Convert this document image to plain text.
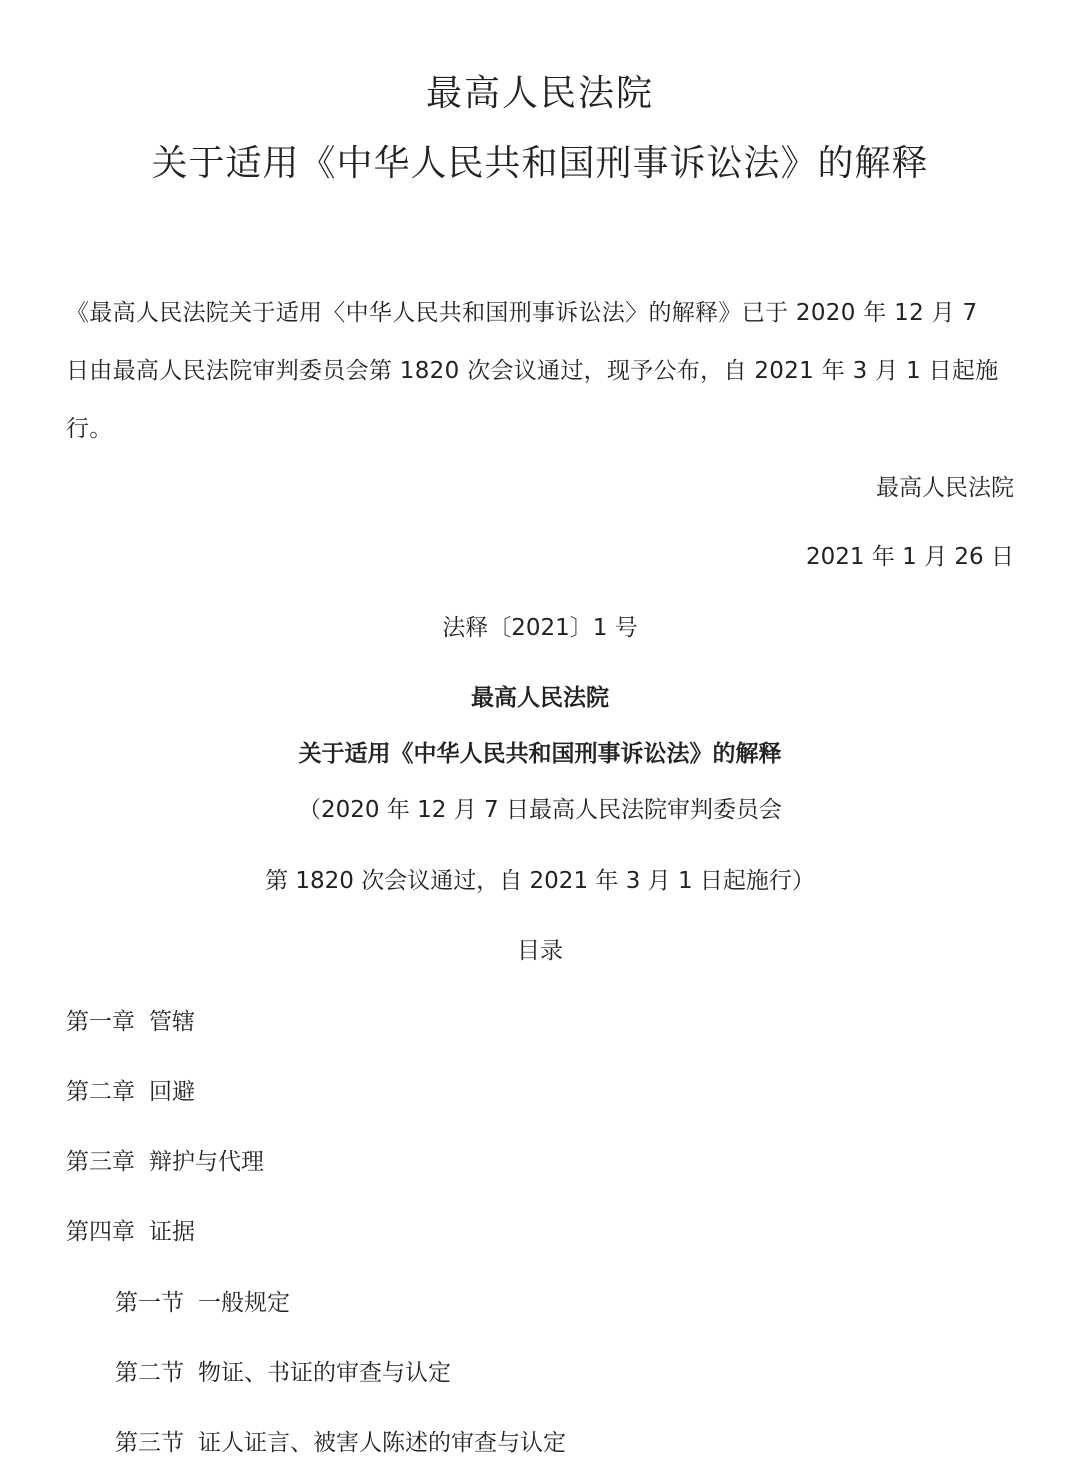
最高人民法院
关于适用《中华人民共和国刑事诉讼法》的解释
《最高人民法院关于适用〈中华人民共和国刑事诉讼法〉的解释》已于 2020 年 12 月 7
日由最高人民法院审判委员会第 1820 次会议通过，现予公布，自 2021 年 3 月 1 日起施
行。
最高人民法院
2021 年 1 月 26 日
法释〔2021〕1 号
最高人民法院
关于适用《中华人民共和国刑事诉讼法》的解释
（2020 年 12 月 7 日最高人民法院审判委员会
第 1820 次会议通过，自 2021 年 3 月 1 日起施行）
目录
第一章 管辖
第二章 回避
第三章 辩护与代理
第四章 证据
第一节 一般规定
第二节 物证、书证的审查与认定
第三节 证人证言、被害人陈述的审查与认定
